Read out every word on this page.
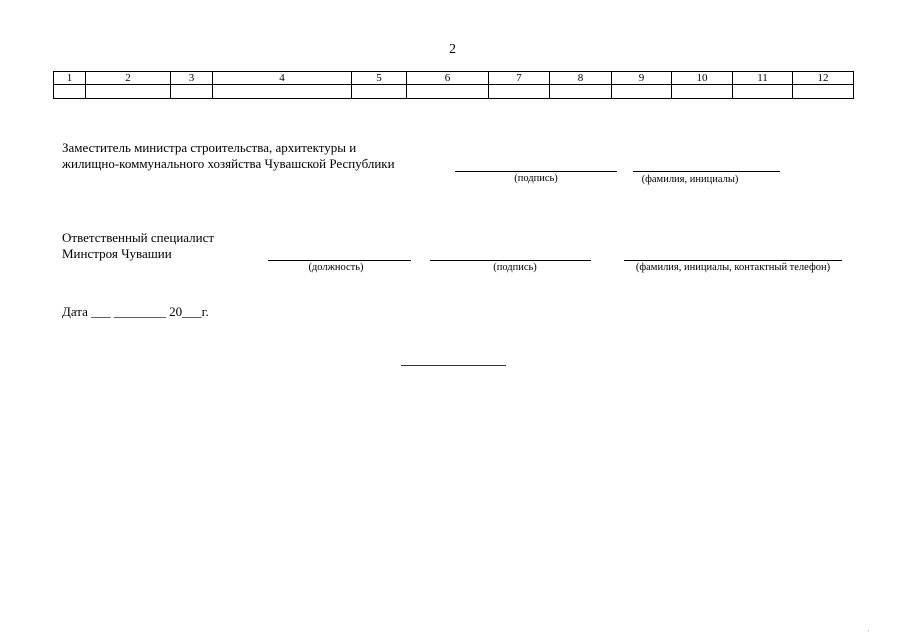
2
1	2	3	4	5	6	7	8	9	10	11	12

Заместитель министра строительства, архитектуры и
жилищно-коммунального хозяйства Чувашской Республики
(подпись)	(фамилия, инициалы)
Ответственный специалист
Минстроя Чувашии
(должность)	(подпись)	(фамилия, инициалы, контактный телефон)
Дата ___ ________ 20___г.
'
